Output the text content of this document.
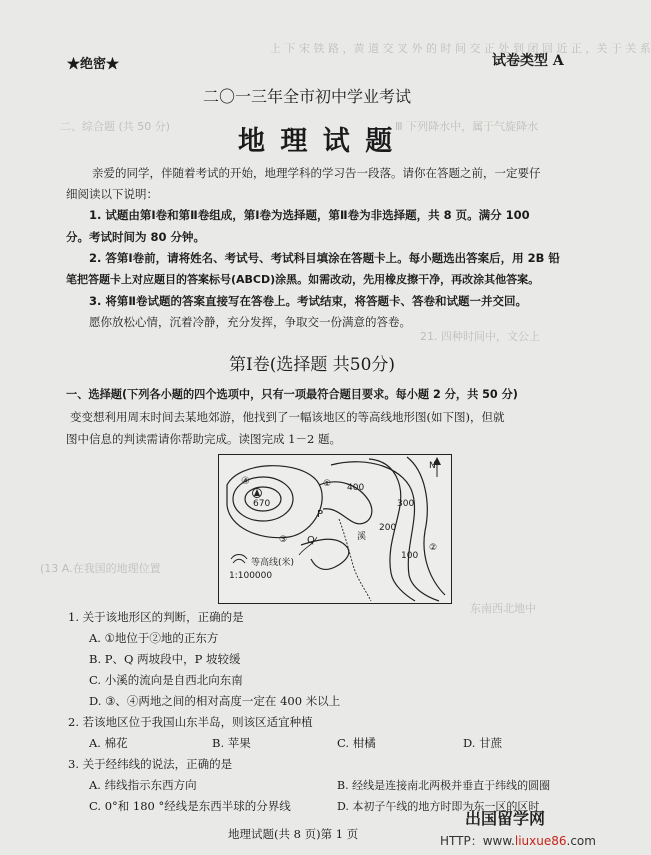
上 下 宋 铁 路 ，黄 道 交 叉 外 的 时 间 交 正 处 到 闭 回 近 正 ，关 于 关 系
Ⅲ 下列降水中，属于气旋降水
二、综合题 (共 50 分)
21. 四种时间中，文公上
(13 A.在我国的地理位置
东南西北地中
★绝密★	试卷类型 A
二〇一三年全市初中学业考试
地 理 试 题
亲爱的同学，伴随着考试的开始，地理学科的学习告一段落。请你在答题之前，一定要仔
细阅读以下说明：
1. 试题由第Ⅰ卷和第Ⅱ卷组成，第Ⅰ卷为选择题，第Ⅱ卷为非选择题，共 8 页。满分 100
分。考试时间为 80 分钟。
2. 答第Ⅰ卷前，请将姓名、考试号、考试科目填涂在答题卡上。每小题选出答案后，用 2B 铅
笔把答题卡上对应题目的答案标号(ABCD)涂黑。如需改动，先用橡皮擦干净，再改涂其他答案。
3. 将第Ⅱ卷试题的答案直接写在答卷上。考试结束，将答题卡、答卷和试题一并交回。
愿你放松心情，沉着冷静，充分发挥，争取交一份满意的答卷。
第Ⅰ卷(选择题 共50分)
一、选择题(下列各小题的四个选项中，只有一项最符合题目要求。每小题 2 分，共 50 分)
变变想利用周末时间去某地郊游，他找到了一幅该地区的等高线地形图(如下图)，但就
图中信息的判读需请你帮助完成。读图完成 1－2 题。
④
670
① 400
P
300
200
③ Q	溪
100
②
N
等高线(米)
1:100000
1. 关于该地形区的判断，正确的是
A. ①地位于②地的正东方
B. P、Q 两坡段中，P 坡较缓
C. 小溪的流向是自西北向东南
D. ③、④两地之间的相对高度一定在 400 米以上
2. 若该地区位于我国山东半岛，则该区适宜种植
A. 棉花	B. 苹果	C. 柑橘	D. 甘蔗
3. 关于经纬线的说法，正确的是
A. 纬线指示东西方向	B. 经线是连接南北两极并垂直于纬线的圆圈
C. 0°和 180 °经线是东西半球的分界线	D. 本初子午线的地方时即为东一区的区时
地理试题(共 8 页)第 1 页
出国留学网
HTTP：www.liuxue86.com
